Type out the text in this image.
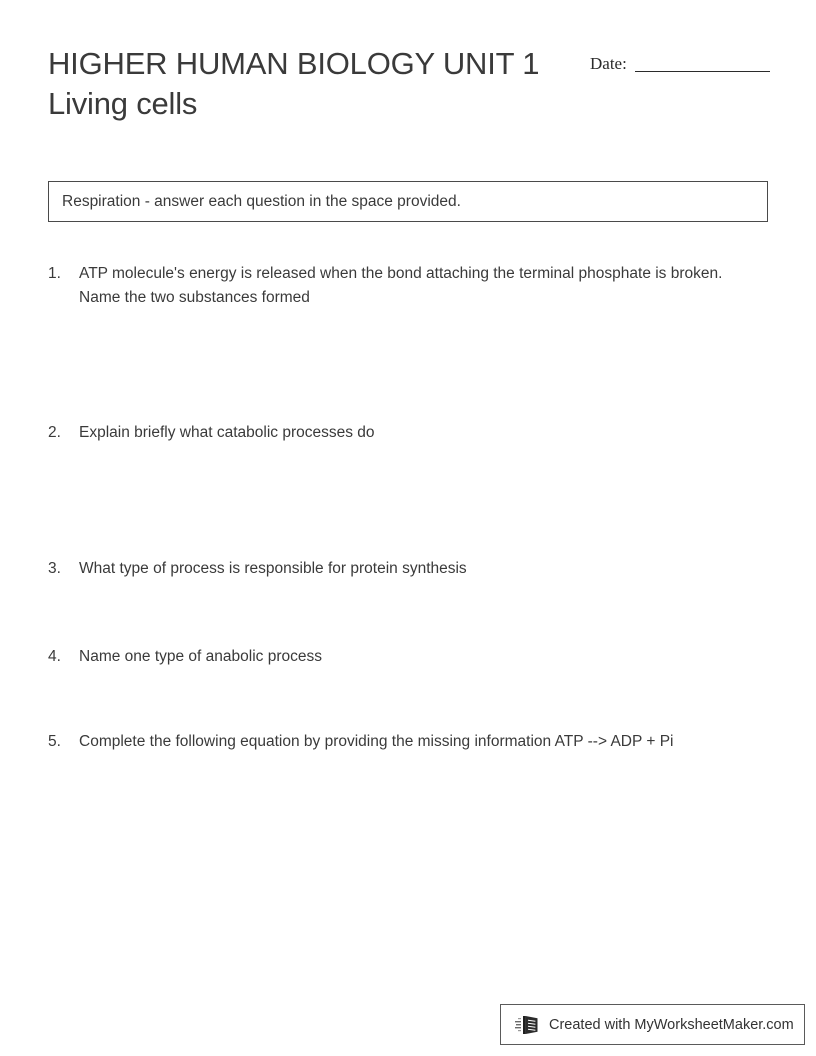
HIGHER HUMAN BIOLOGY UNIT 1
Living cells
Date:
Respiration - answer each question in the space provided.
1.	ATP molecule's energy is released when the bond attaching the terminal phosphate is broken. Name the two substances formed
2.	Explain briefly what catabolic processes do
3.	What type of process is responsible for protein synthesis
4.	Name one type of anabolic process
5.	Complete the following equation by providing the missing information ATP --> ADP + Pi
Created with MyWorksheetMaker.com
